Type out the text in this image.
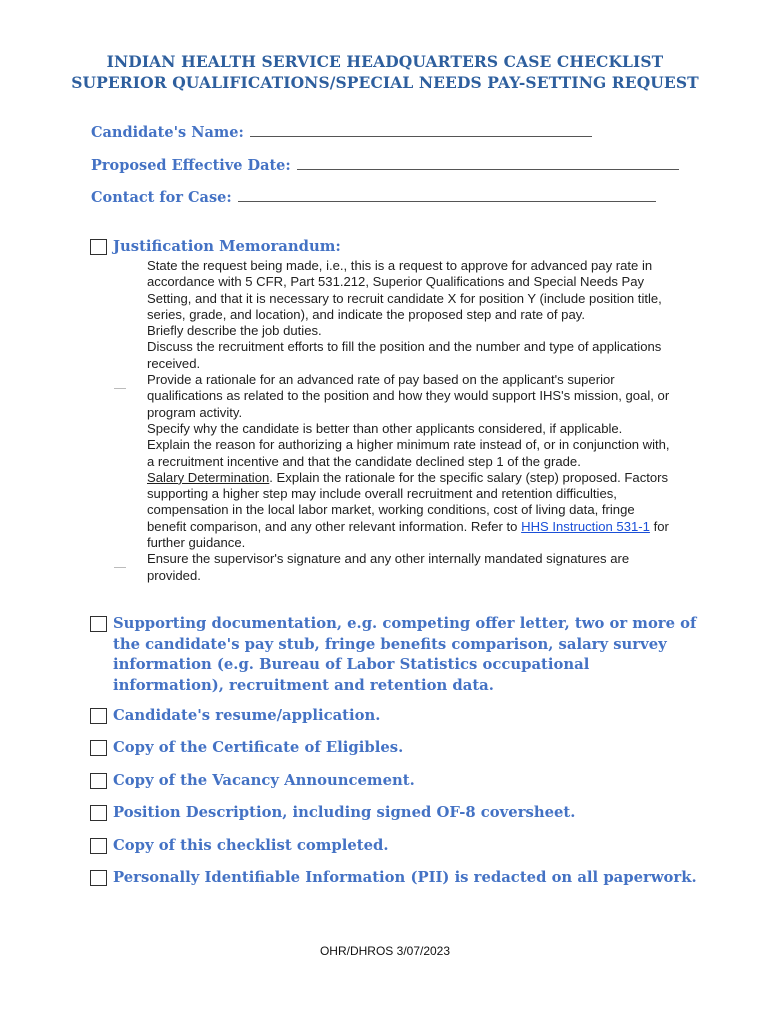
INDIAN HEALTH SERVICE HEADQUARTERS CASE CHECKLIST
SUPERIOR QUALIFICATIONS/SPECIAL NEEDS PAY-SETTING REQUEST
Candidate's Name:
Proposed Effective Date:
Contact for Case:
Justification Memorandum:
State the request being made, i.e., this is a request to approve for advanced pay rate in accordance with 5 CFR, Part 531.212, Superior Qualifications and Special Needs Pay Setting, and that it is necessary to recruit candidate X for position Y (include position title, series, grade, and location), and indicate the proposed step and rate of pay.
Briefly describe the job duties.
Discuss the recruitment efforts to fill the position and the number and type of applications received.
Provide a rationale for an advanced rate of pay based on the applicant's superior qualifications as related to the position and how they would support IHS's mission, goal, or program activity.
Specify why the candidate is better than other applicants considered, if applicable.
Explain the reason for authorizing a higher minimum rate instead of, or in conjunction with, a recruitment incentive and that the candidate declined step 1 of the grade.
Salary Determination. Explain the rationale for the specific salary (step) proposed. Factors supporting a higher step may include overall recruitment and retention difficulties, compensation in the local labor market, working conditions, cost of living data, fringe benefit comparison, and any other relevant information. Refer to HHS Instruction 531-1 for further guidance.
Ensure the supervisor's signature and any other internally mandated signatures are provided.
Supporting documentation, e.g. competing offer letter, two or more of the candidate's pay stub, fringe benefits comparison, salary survey information (e.g. Bureau of Labor Statistics occupational information), recruitment and retention data.
Candidate's resume/application.
Copy of the Certificate of Eligibles.
Copy of the Vacancy Announcement.
Position Description, including signed OF-8 coversheet.
Copy of this checklist completed.
Personally Identifiable Information (PII) is redacted on all paperwork.
OHR/DHROS 3/07/2023
